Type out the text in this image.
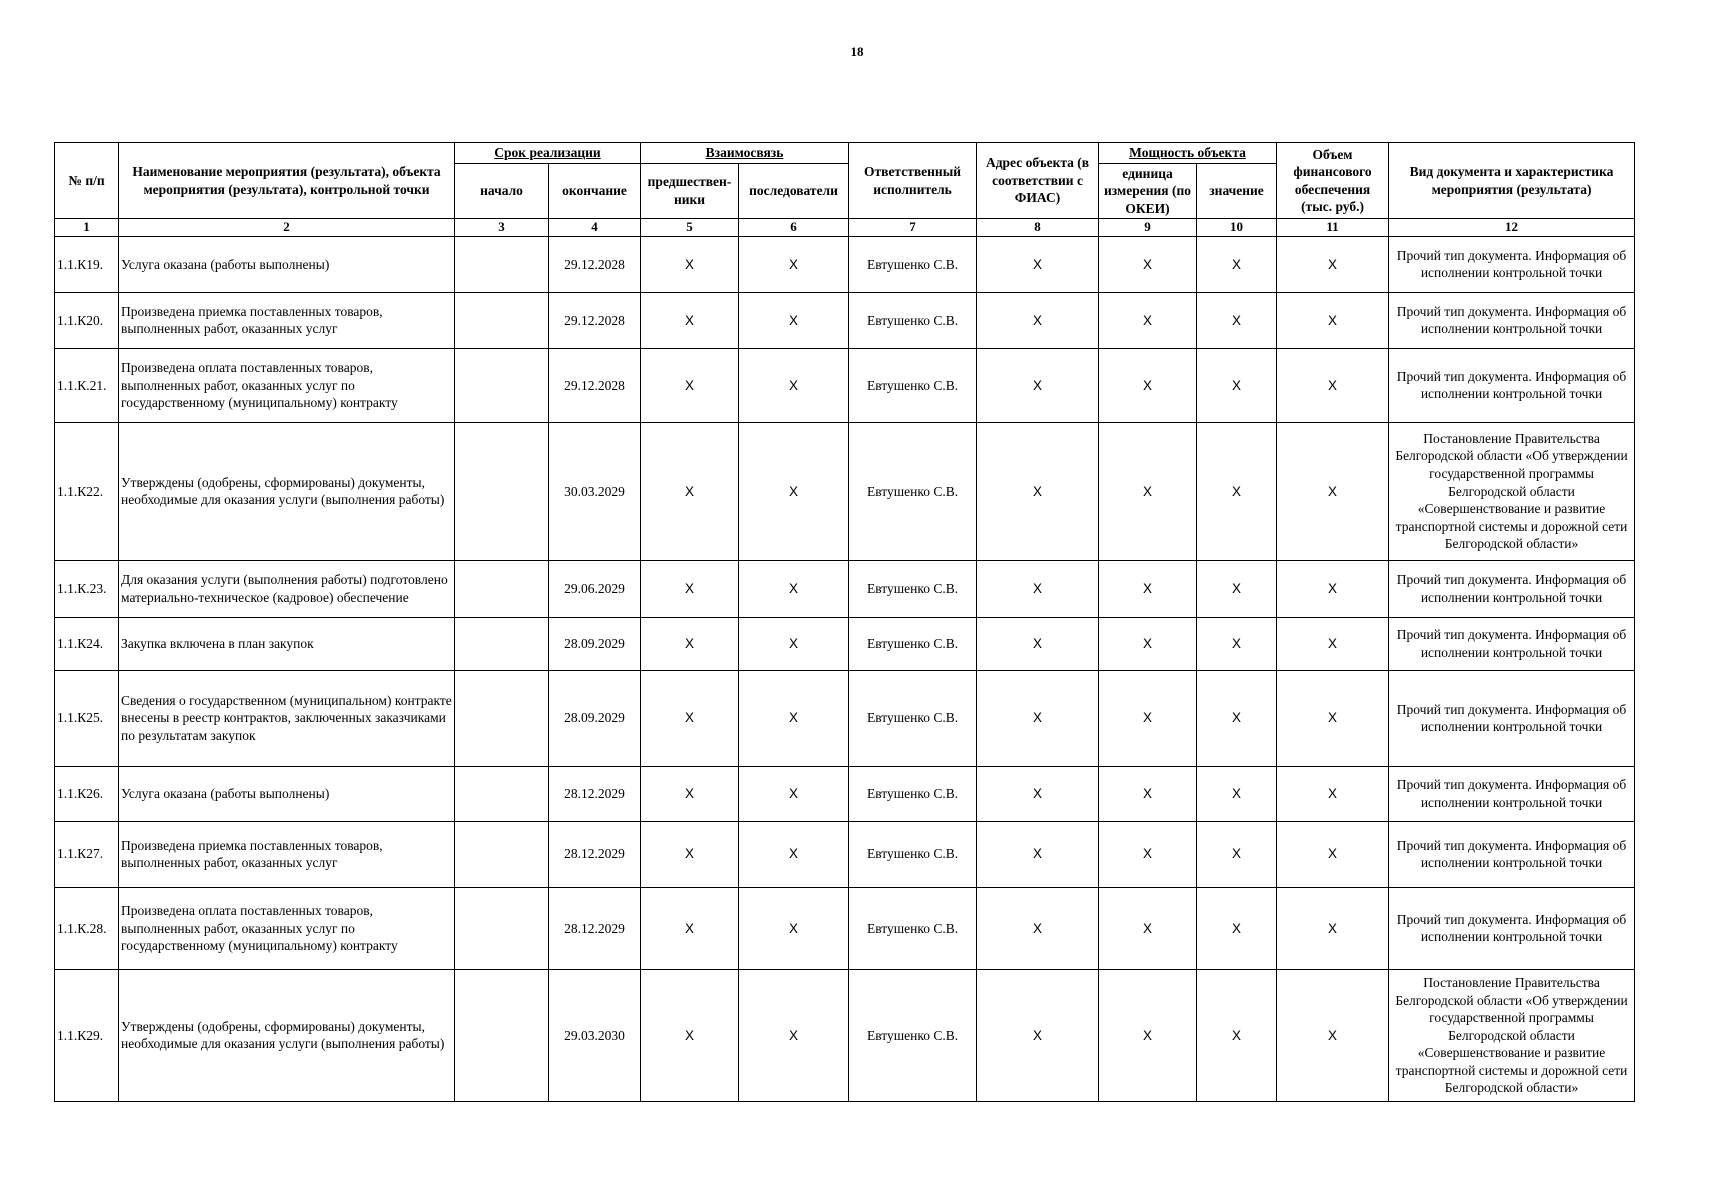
18
№ п/п	Наименование мероприятия (результата), объекта мероприятия (результата), контрольной точки	Срок реализации		Взаимосвязь		Ответственный исполнитель	Адрес объекта (в соответствии с ФИАС)	Мощность объекта		Объем финансового обеспечения (тыс. руб.)	Вид документа и характеристика мероприятия (результата)
		начало	окончание	предшествен-ники	последователи			единица измерения (по ОКЕИ)	значение		
1	2	3	4	5	6	7	8	9	10	11	12
1.1.К19.	Услуга оказана (работы выполнены)		29.12.2028	X	X	Евтушенко С.В.	X	X	X	X	Прочий тип документа. Информация об исполнении контрольной точки
1.1.К20.	Произведена приемка поставленных товаров, выполненных работ, оказанных услуг		29.12.2028	X	X	Евтушенко С.В.	X	X	X	X	Прочий тип документа. Информация об исполнении контрольной точки
1.1.К.21.	Произведена оплата поставленных товаров, выполненных работ, оказанных услуг по государственному (муниципальному) контракту		29.12.2028	X	X	Евтушенко С.В.	X	X	X	X	Прочий тип документа. Информация об исполнении контрольной точки
1.1.К22.	Утверждены (одобрены, сформированы) документы, необходимые для оказания услуги (выполнения работы)		30.03.2029	X	X	Евтушенко С.В.	X	X	X	X	Постановление Правительства Белгородской области «Об утверждении государственной программы Белгородской области «Совершенствование и развитие транспортной системы и дорожной сети Белгородской области»
1.1.К.23.	Для оказания услуги (выполнения работы) подготовлено материально-техническое (кадровое) обеспечение		29.06.2029	X	X	Евтушенко С.В.	X	X	X	X	Прочий тип документа. Информация об исполнении контрольной точки
1.1.К24.	Закупка включена в план закупок		28.09.2029	X	X	Евтушенко С.В.	X	X	X	X	Прочий тип документа. Информация об исполнении контрольной точки
1.1.К25.	Сведения о государственном (муниципальном) контракте внесены в реестр контрактов, заключенных заказчиками по результатам закупок		28.09.2029	X	X	Евтушенко С.В.	X	X	X	X	Прочий тип документа. Информация об исполнении контрольной точки
1.1.К26.	Услуга оказана (работы выполнены)		28.12.2029	X	X	Евтушенко С.В.	X	X	X	X	Прочий тип документа. Информация об исполнении контрольной точки
1.1.К27.	Произведена приемка поставленных товаров, выполненных работ, оказанных услуг		28.12.2029	X	X	Евтушенко С.В.	X	X	X	X	Прочий тип документа. Информация об исполнении контрольной точки
1.1.К.28.	Произведена оплата поставленных товаров, выполненных работ, оказанных услуг по государственному (муниципальному) контракту		28.12.2029	X	X	Евтушенко С.В.	X	X	X	X	Прочий тип документа. Информация об исполнении контрольной точки
1.1.К29.	Утверждены (одобрены, сформированы) документы, необходимые для оказания услуги (выполнения работы)		29.03.2030	X	X	Евтушенко С.В.	X	X	X	X	Постановление Правительства Белгородской области «Об утверждении государственной программы Белгородской области «Совершенствование и развитие транспортной системы и дорожной сети Белгородской области»
